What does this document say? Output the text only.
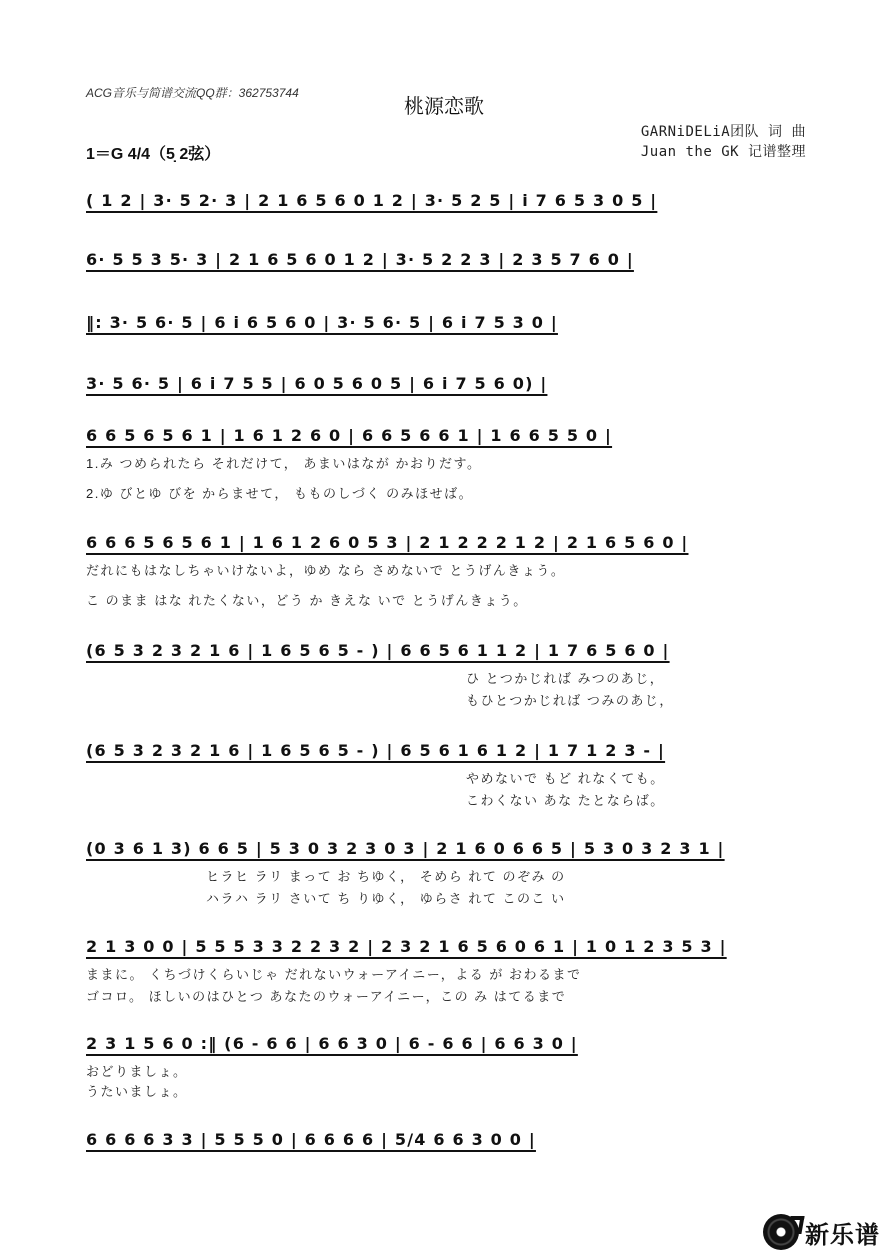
ACG音乐与简谱交流QQ群：362753744
桃源恋歌
GARNiDELiA团队 词 曲
Juan the GK 记谱整理
1＝G 4/4（5̣ 2弦）
( 1 2 | 3· 5 2· 3 | 2 1 6 5 6 0 1 2 | 3· 5 2 5 | i 7 6 5 3 0 5 |
6· 5 5 3 5· 3 | 2 1 6 5 6 0 1 2 | 3· 5 2 2 3 | 2 3 5 7 6 0 |
‖: 3· 5 6· 5 | 6 i 6 5 6 0 | 3· 5 6· 5 | 6 i 7 5 3 0 |
3· 5 6· 5 | 6 i 7 5 5 | 6 0 5 6 0 5 | 6 i 7 5 6 0) |
6 6 5 6 5 6 1 | 1 6 1 2 6 0 | 6 6 5 6 6 1 | 1 6 6 5 5 0 |
1.み つめられたら それだけて， あまいはなが かおりだす。
2.ゆ びとゆ びを からませて， もものしづく のみほせば。
6 6 6 5 6 5 6 1 | 1 6 1 2 6 0 5 3 | 2 1 2 2 2 1 2 | 2 1 6 5 6 0 |
だれにもはなしちゃいけないよ，ゆめ なら さめないで とうげんきょう。
こ のまま はな れたくない，どう か きえな いで とうげんきょう。
(6 5 3 2 3 2 1 6 | 1 6 5 6 5 - ) | 6 6 5 6 1 1 2 | 1 7 6 5 6 0 |
ひ とつかじれば みつのあじ，
もひとつかじれば つみのあじ，
(6 5 3 2 3 2 1 6 | 1 6 5 6 5 - ) | 6 5 6 1 6 1 2 | 1 7 1 2 3 - |
やめないで もど れなくても。
こわくない あな たとならば。
(0 3 6 1 3) 6 6 5 | 5 3 0 3 2 3 0 3 | 2 1 6 0 6 6 5 | 5 3 0 3 2 3 1 |
ヒラヒ ラリ まって お ちゆく， そめら れて のぞみ の
ハラハ ラリ さいて ち りゆく， ゆらさ れて このこ い
2 1 3 0 0 | 5 5 5 3 3 2 2 3 2 | 2 3 2 1 6 5 6 0 6 1 | 1 0 1 2 3 5 3 |
ままに。 くちづけくらいじゃ だれないウォーアイニー，よる が おわるまで
ゴコロ。 ほしいのはひとつ あなたのウォーアイニー，この み はてるまで
2 3 1 5 6 0 :‖ (6 - 6 6 | 6 6 3 0 | 6 - 6 6 | 6 6 3 0 |
おどりましょ。
うたいましょ。
6 6 6 6 3 3 | 5 5 5 0 | 6 6 6 6 | 5/4 6 6 3 0 0 |
新乐谱
